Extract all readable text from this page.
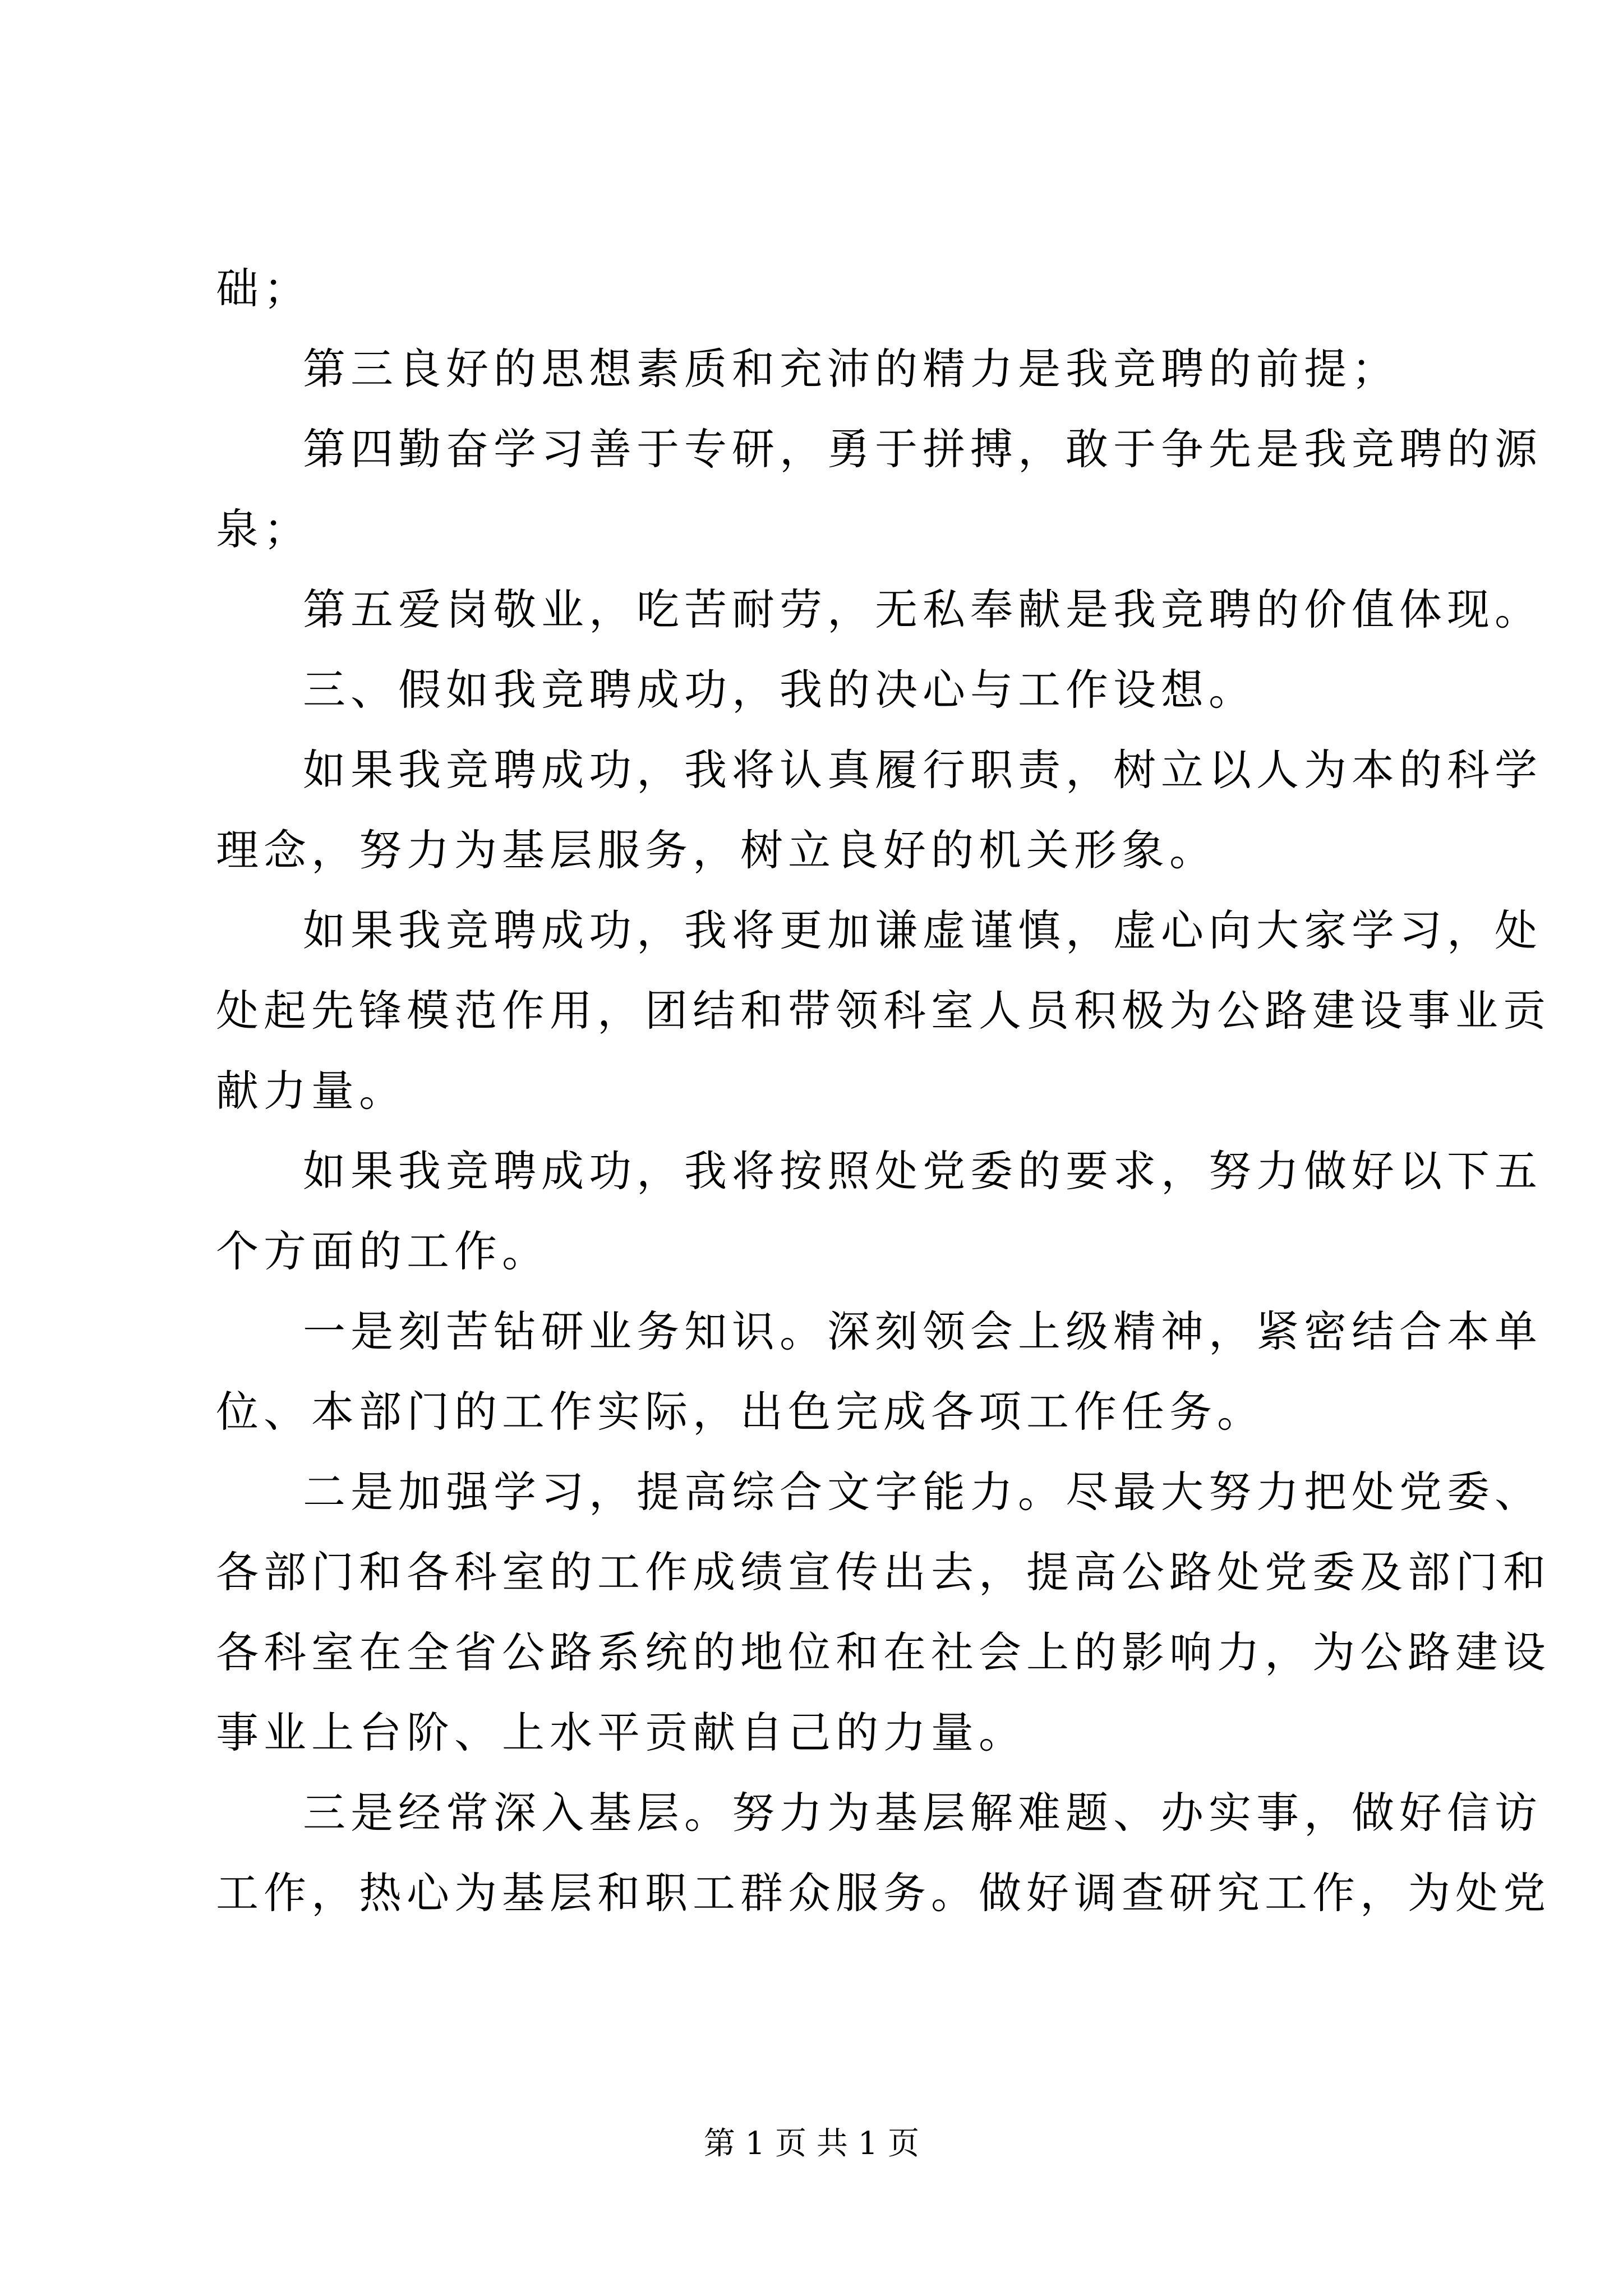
础；
第三良好的思想素质和充沛的精力是我竞聘的前提；
第四勤奋学习善于专研，勇于拼搏，敢于争先是我竞聘的源
泉；
第五爱岗敬业，吃苦耐劳，无私奉献是我竞聘的价值体现。
三、假如我竞聘成功，我的决心与工作设想。
如果我竞聘成功，我将认真履行职责，树立以人为本的科学
理念，努力为基层服务，树立良好的机关形象。
如果我竞聘成功，我将更加谦虚谨慎，虚心向大家学习，处
处起先锋模范作用，团结和带领科室人员积极为公路建设事业贡
献力量。
如果我竞聘成功，我将按照处党委的要求，努力做好以下五
个方面的工作。
一是刻苦钻研业务知识。深刻领会上级精神，紧密结合本单
位、本部门的工作实际，出色完成各项工作任务。
二是加强学习，提高综合文字能力。尽最大努力把处党委、
各部门和各科室的工作成绩宣传出去，提高公路处党委及部门和
各科室在全省公路系统的地位和在社会上的影响力，为公路建设
事业上台阶、上水平贡献自己的力量。
三是经常深入基层。努力为基层解难题、办实事，做好信访
工作，热心为基层和职工群众服务。做好调查研究工作，为处党
第 1 页 共 1 页
